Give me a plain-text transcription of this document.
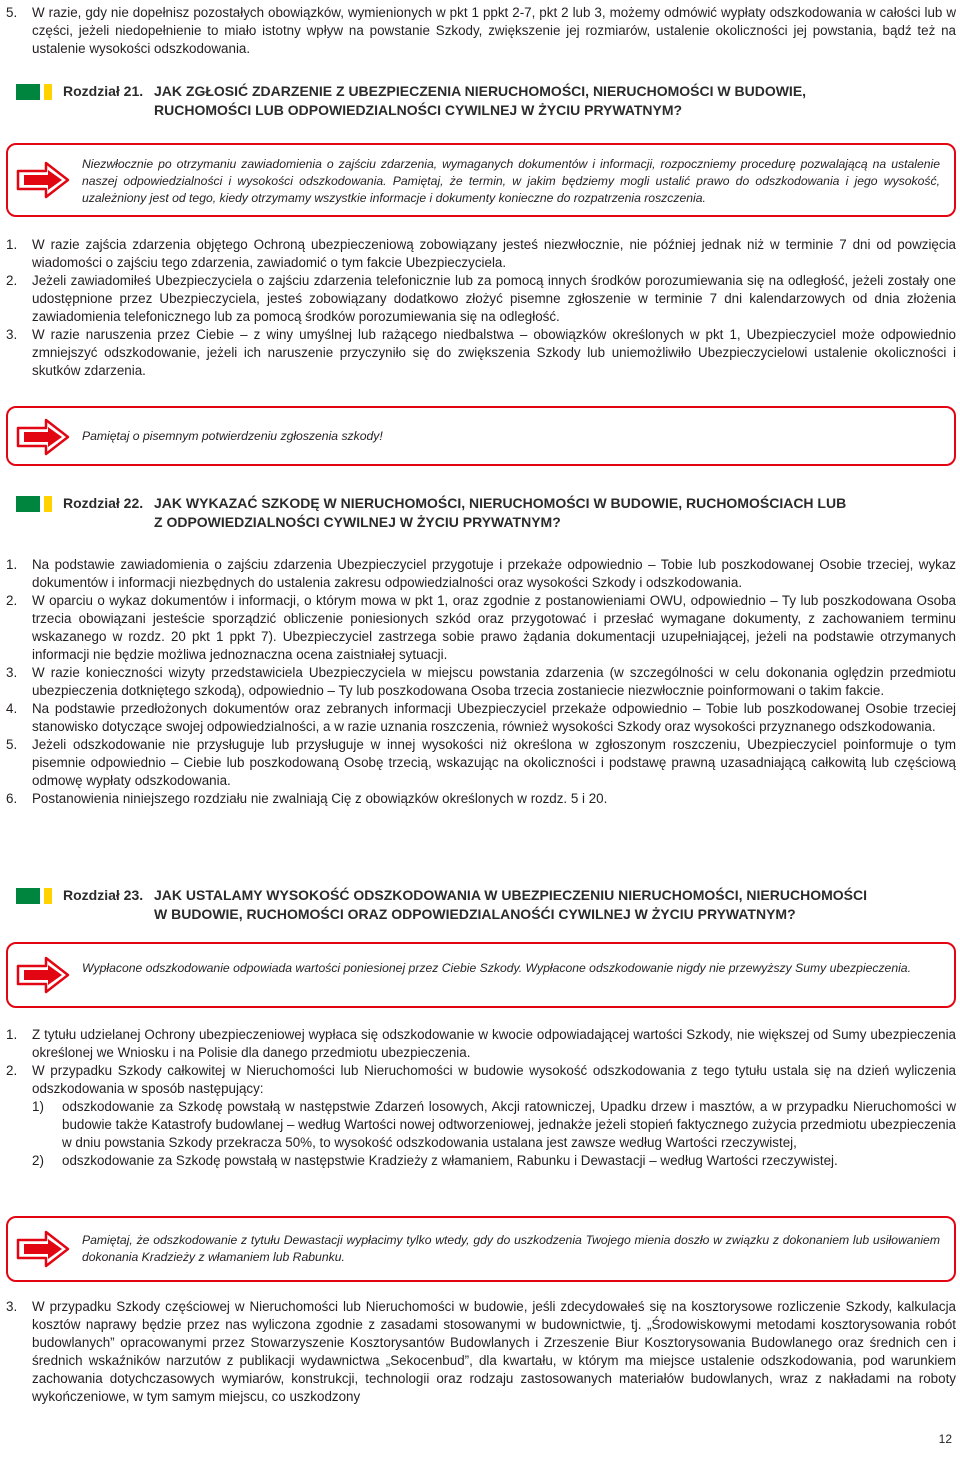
5. W razie, gdy nie dopełnisz pozostałych obowiązków, wymienionych w pkt 1 ppkt 2-7, pkt 2 lub 3, możemy odmówić wypłaty odszkodowania w całości lub w części, jeżeli niedopełnienie to miało istotny wpływ na powstanie Szkody, zwiększenie jej rozmiarów, ustalenie okoliczności jej powstania, bądź też na ustalenie wysokości odszkodowania.
Rozdział 21. JAK ZGŁOSIĆ ZDARZENIE Z UBEZPIECZENIA NIERUCHOMOŚCI, NIERUCHOMOŚCI W BUDOWIE,
RUCHOMOŚCI LUB ODPOWIEDZIALNOŚCI CYWILNEJ W ŻYCIU PRYWATNYM?
Niezwłocznie po otrzymaniu zawiadomienia o zajściu zdarzenia, wymaganych dokumentów i informacji, rozpoczniemy procedurę pozwalającą na ustalenie naszej odpowiedzialności i wysokości odszkodowania. Pamiętaj, że termin, w jakim będziemy mogli ustalić prawo do odszkodowania i jego wysokość, uzależniony jest od tego, kiedy otrzymamy wszystkie informacje i dokumenty konieczne do rozpatrzenia roszczenia.
1. W razie zajścia zdarzenia objętego Ochroną ubezpieczeniową zobowiązany jesteś niezwłocznie, nie później jednak niż w terminie 7 dni od powzięcia wiadomości o zajściu tego zdarzenia, zawiadomić o tym fakcie Ubezpieczyciela.
2. Jeżeli zawiadomiłeś Ubezpieczyciela o zajściu zdarzenia telefonicznie lub za pomocą innych środków porozumiewania się na odległość, jeżeli zostały one udostępnione przez Ubezpieczyciela, jesteś zobowiązany dodatkowo złożyć pisemne zgłoszenie w terminie 7 dni kalendarzowych od dnia złożenia zawiadomienia telefonicznego lub za pomocą środków porozumiewania się na odległość.
3. W razie naruszenia przez Ciebie – z winy umyślnej lub rażącego niedbalstwa – obowiązków określonych w pkt 1, Ubezpieczyciel może odpowiednio zmniejszyć odszkodowanie, jeżeli ich naruszenie przyczyniło się do zwiększenia Szkody lub uniemożliwiło Ubezpieczycielowi ustalenie okoliczności i skutków zdarzenia.
Pamiętaj o pisemnym potwierdzeniu zgłoszenia szkody!
Rozdział 22. JAK WYKAZAĆ SZKODĘ W NIERUCHOMOŚCI, NIERUCHOMOŚCI W BUDOWIE, RUCHOMOŚCIACH LUB
Z ODPOWIEDZIALNOŚCI CYWILNEJ W ŻYCIU PRYWATNYM?
1. Na podstawie zawiadomienia o zajściu zdarzenia Ubezpieczyciel przygotuje i przekaże odpowiednio – Tobie lub poszkodowanej Osobie trzeciej, wykaz dokumentów i informacji niezbędnych do ustalenia zakresu odpowiedzialności oraz wysokości Szkody i odszkodowania.
2. W oparciu o wykaz dokumentów i informacji, o którym mowa w pkt 1, oraz zgodnie z postanowieniami OWU, odpowiednio – Ty lub poszkodowana Osoba trzecia obowiązani jesteście sporządzić obliczenie poniesionych szkód oraz przygotować i przesłać wymagane dokumenty, z zachowaniem terminu wskazanego w rozdz. 20 pkt 1 ppkt 7). Ubezpieczyciel zastrzega sobie prawo żądania dokumentacji uzupełniającej, jeżeli na podstawie otrzymanych informacji nie będzie możliwa jednoznaczna ocena zaistniałej sytuacji.
3. W razie konieczności wizyty przedstawiciela Ubezpieczyciela w miejscu powstania zdarzenia (w szczególności w celu dokonania oględzin przedmiotu ubezpieczenia dotkniętego szkodą), odpowiednio – Ty lub poszkodowana Osoba trzecia zostaniecie niezwłocznie poinformowani o takim fakcie.
4. Na podstawie przedłożonych dokumentów oraz zebranych informacji Ubezpieczyciel przekaże odpowiednio – Tobie lub poszkodowanej Osobie trzeciej stanowisko dotyczące swojej odpowiedzialności, a w razie uznania roszczenia, również wysokości Szkody oraz wysokości przyznanego odszkodowania.
5. Jeżeli odszkodowanie nie przysługuje lub przysługuje w innej wysokości niż określona w zgłoszonym roszczeniu, Ubezpieczyciel poinformuje o tym pisemnie odpowiednio – Ciebie lub poszkodowaną Osobę trzecią, wskazując na okoliczności i podstawę prawną uzasadniającą całkowitą lub częściową odmowę wypłaty odszkodowania.
6. Postanowienia niniejszego rozdziału nie zwalniają Cię z obowiązków określonych w rozdz. 5 i 20.
Rozdział 23. JAK USTALAMY WYSOKOŚĆ ODSZKODOWANIA W UBEZPIECZENIU NIERUCHOMOŚCI, NIERUCHOMOŚCI
W BUDOWIE, RUCHOMOŚCI ORAZ ODPOWIEDZIALANOŚĆI CYWILNEJ W ŻYCIU PRYWATNYM?
Wypłacone odszkodowanie odpowiada wartości poniesionej przez Ciebie Szkody. Wypłacone odszkodowanie nigdy nie przewyższy Sumy ubezpieczenia.
1. Z tytułu udzielanej Ochrony ubezpieczeniowej wypłaca się odszkodowanie w kwocie odpowiadającej wartości Szkody, nie większej od Sumy ubezpieczenia określonej we Wniosku i na Polisie dla danego przedmiotu ubezpieczenia.
2. W przypadku Szkody całkowitej w Nieruchomości lub Nieruchomości w budowie wysokość odszkodowania z tego tytułu ustala się na dzień wyliczenia odszkodowania w sposób następujący:
1) odszkodowanie za Szkodę powstałą w następstwie Zdarzeń losowych, Akcji ratowniczej, Upadku drzew i masztów, a w przypadku Nieruchomości w budowie także Katastrofy budowlanej – według Wartości nowej odtworzeniowej, jednakże jeżeli stopień faktycznego zużycia przedmiotu ubezpieczenia w dniu powstania Szkody przekracza 50%, to wysokość odszkodowania ustalana jest zawsze według Wartości rzeczywistej,
2) odszkodowanie za Szkodę powstałą w następstwie Kradzieży z włamaniem, Rabunku i Dewastacji – według Wartości rzeczywistej.
Pamiętaj, że odszkodowanie z tytułu Dewastacji wypłacimy tylko wtedy, gdy do uszkodzenia Twojego mienia doszło w związku z dokonaniem lub usiłowaniem dokonania Kradzieży z włamaniem lub Rabunku.
3. W przypadku Szkody częściowej w Nieruchomości lub Nieruchomości w budowie, jeśli zdecydowałeś się na kosztorysowe rozliczenie Szkody, kalkulacja kosztów naprawy będzie przez nas wyliczona zgodnie z zasadami stosowanymi w budownictwie, tj. „Środowiskowymi metodami kosztorysowania robót budowlanych” opracowanymi przez Stowarzyszenie Kosztorysantów Budowlanych i Zrzeszenie Biur Kosztorysowania Budowlanego oraz średnich cen i średnich wskaźników narzutów z publikacji wydawnictwa „Sekocenbud”, dla kwartału, w którym ma miejsce ustalenie odszkodowania, pod warunkiem zachowania dotychczasowych wymiarów, konstrukcji, technologii oraz rodzaju zastosowanych materiałów budowlanych, wraz z nakładami na roboty wykończeniowe, w tym samym miejscu, co uszkodzony
12
